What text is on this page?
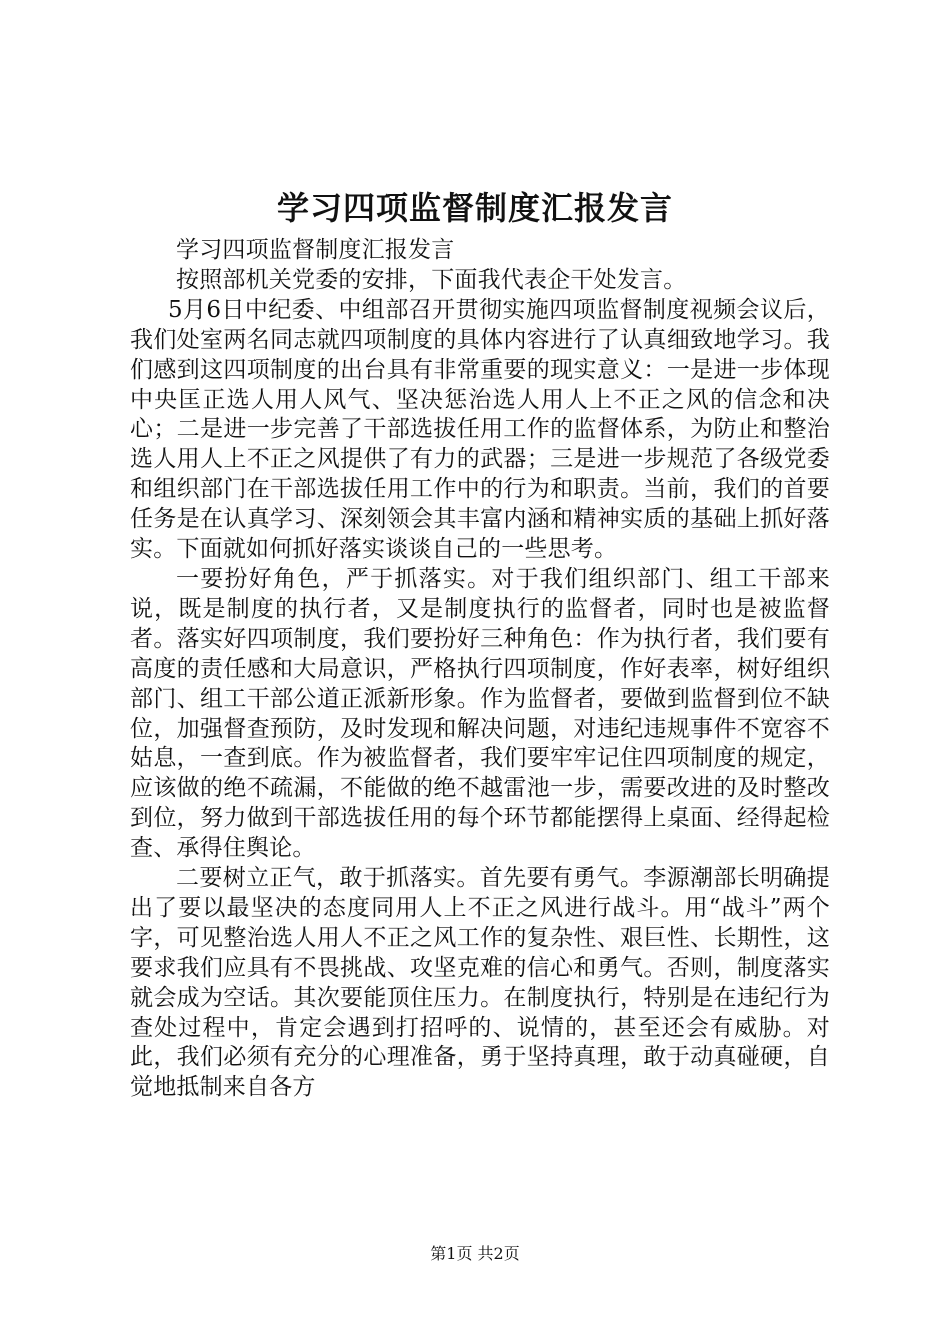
学习四项监督制度汇报发言

学习四项监督制度汇报发言

按照部机关党委的安排，下面我代表企干处发言。

5月6日中纪委、中组部召开贯彻实施四项监督制度视频会议后，我们处室两名同志就四项制度的具体内容进行了认真细致地学习。我们感到这四项制度的出台具有非常重要的现实意义：一是进一步体现中央匡正选人用人风气、坚决惩治选人用人上不正之风的信念和决心；二是进一步完善了干部选拔任用工作的监督体系，为防止和整治选人用人上不正之风提供了有力的武器；三是进一步规范了各级党委和组织部门在干部选拔任用工作中的行为和职责。当前，我们的首要任务是在认真学习、深刻领会其丰富内涵和精神实质的基础上抓好落实。下面就如何抓好落实谈谈自己的一些思考。

一要扮好角色，严于抓落实。对于我们组织部门、组工干部来说，既是制度的执行者，又是制度执行的监督者，同时也是被监督者。落实好四项制度，我们要扮好三种角色：作为执行者，我们要有高度的责任感和大局意识，严格执行四项制度，作好表率，树好组织部门、组工干部公道正派新形象。作为监督者，要做到监督到位不缺位，加强督查预防，及时发现和解决问题，对违纪违规事件不宽容不姑息，一查到底。作为被监督者，我们要牢牢记住四项制度的规定，应该做的绝不疏漏，不能做的绝不越雷池一步，需要改进的及时整改到位，努力做到干部选拔任用的每个环节都能摆得上桌面、经得起检查、承得住舆论。

二要树立正气，敢于抓落实。首先要有勇气。李源潮部长明确提出了要以最坚决的态度同用人上不正之风进行战斗。用“战斗”两个字，可见整治选人用人不正之风工作的复杂性、艰巨性、长期性，这要求我们应具有不畏挑战、攻坚克难的信心和勇气。否则，制度落实就会成为空话。其次要能顶住压力。在制度执行，特别是在违纪行为查处过程中，肯定会遇到打招呼的、说情的，甚至还会有威胁。对此，我们必须有充分的心理准备，勇于坚持真理，敢于动真碰硬，自觉地抵制来自各方

第1页 共2页
